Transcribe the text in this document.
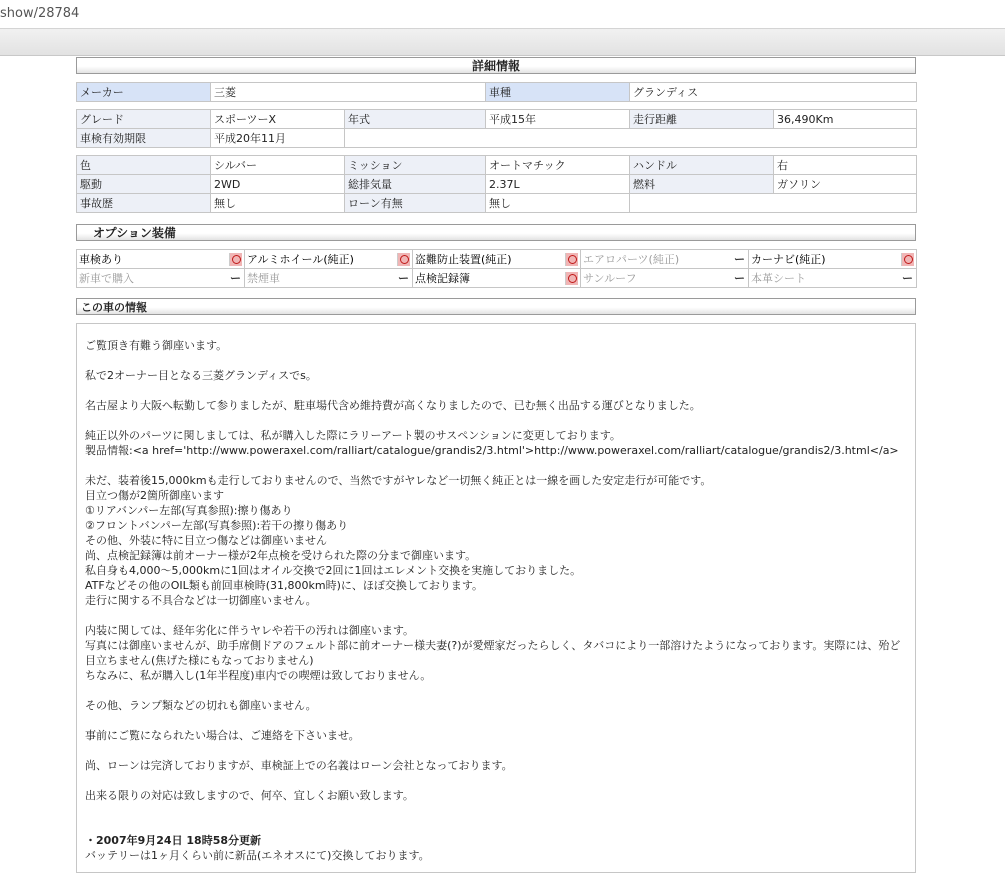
show/28784
詳細情報
メーカー	三菱	車種	グランディス
グレード	スポーツーX	年式	平成15年	走行距離	36,490Km
車検有効期限	平成20年11月				
色	シルバー	ミッション	オートマチック	ハンドル	右
駆動	2WD	総排気量	2.37L	燃料	ガソリン
事故歴	無し	ローン有無	無し		
オプション装備
車検あり	アルミホイール(純正)	盗難防止装置(純正)	エアロパーツ(純正) ー	カーナビ(純正)

新車で購入 ー	禁煙車 ー	点検記録簿	サンルーフ ー	本革シート ー
この車の情報

ご覧頂き有難う御座います。

私で2オーナー目となる三菱グランディスでs。

名古屋より大阪へ転勤して参りましたが、駐車場代含め維持費が高くなりましたので、已む無く出品する運びとなりました。

純正以外のパーツに関しましては、私が購入した際にラリーアート製のサスペンションに変更しております。

製品情報:<a href='http://www.poweraxel.com/ralliart/catalogue/grandis2/3.html'>http://www.poweraxel.com/ralliart/catalogue/grandis2/3.html</a>

未だ、装着後15,000kmも走行しておりませんので、当然ですがヤレなど一切無く純正とは一線を画した安定走行が可能です。

目立つ傷が2箇所御座います

①リアバンパー左部(写真参照):擦り傷あり

②フロントバンパー左部(写真参照):若干の擦り傷あり

その他、外装に特に目立つ傷などは御座いません

尚、点検記録簿は前オーナー様が2年点検を受けられた際の分まで御座います。

私自身も4,000～5,000kmに1回はオイル交換で2回に1回はエレメント交換を実施しておりました。

ATFなどその他のOIL類も前回車検時(31,800km時)に、ほぼ交換しております。

走行に関する不具合などは一切御座いません。

内装に関しては、経年劣化に伴うヤレや若干の汚れは御座います。

写真には御座いませんが、助手席側ドアのフェルト部に前オーナー様夫妻(?)が愛煙家だったらしく、タバコにより一部溶けたようになっております。実際には、殆ど目立ちません(焦げた様にもなっておりません)

ちなみに、私が購入し(1年半程度)車内での喫煙は致しておりません。

その他、ランプ類などの切れも御座いません。

事前にご覧になられたい場合は、ご連絡を下さいませ。

尚、ローンは完済しておりますが、車検証上での名義はローン会社となっております。

出来る限りの対応は致しますので、何卒、宜しくお願い致します。

・2007年9月24日 18時58分更新

バッテリーは1ヶ月くらい前に新品(エネオスにて)交換しております。
